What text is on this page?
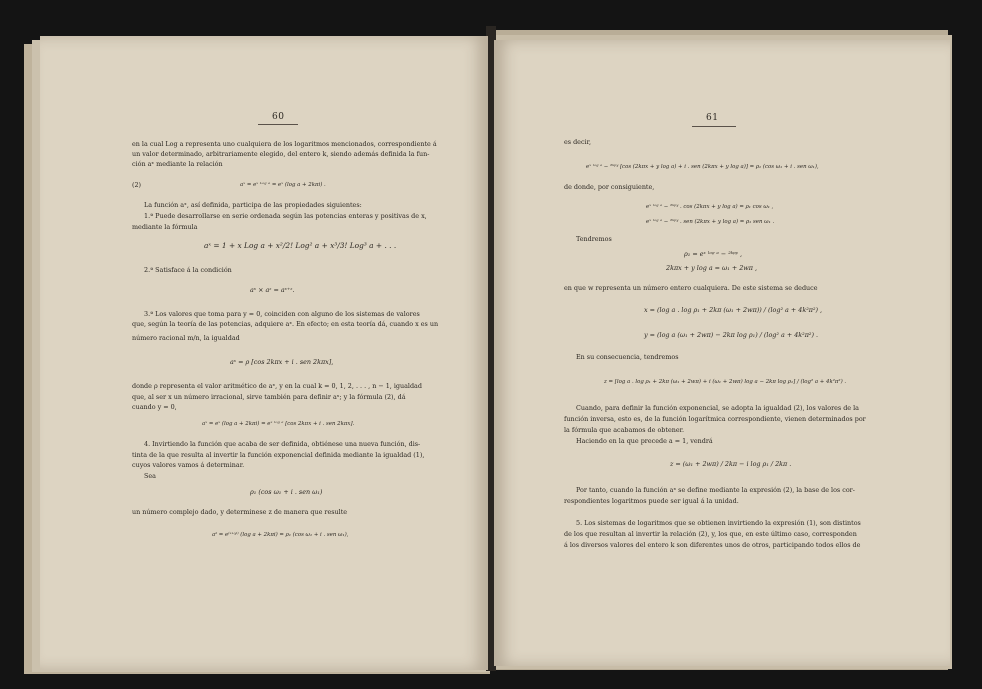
60
en la cual Log a representa uno cualquiera de los logaritmos mencionados, correspondiente á
un valor determinado, arbitrariamente elegido, del entero k, siendo además definida la fun-
ción aˣ mediante la relación
(2)	aˣ = eˣ ᴸᵒᵍ ᵃ = eˣ (log a + 2kπi) .
La función aˣ, así definida, participa de las propiedades siguientes:
1.ª Puede desarrollarse en serie ordenada según las potencias enteras y positivas de x,
mediante la fórmula
aˣ = 1 + x Log a + x²/2! Log² a + x³/3! Log³ a + . . .
2.ª Satisface á la condición
aˣ × aᶻ = aˣ⁺ᶻ.
3.ª Los valores que toma para y = 0, coinciden con alguno de los sistemas de valores
que, según la teoría de las potencias, adquiere aˣ. En efecto; en esta teoría dá, cuando x es un
número racional m/n, la igualdad
aˣ = ρ [cos 2kπx + i . sen 2kπx],
donde ρ representa el valor aritmético de aˣ, y en la cual k = 0, 1, 2, . . . , n − 1, igualdad
que, al ser x un número irracional, sirve también para definir aˣ; y la fórmula (2), dá
cuando y = 0,
aˣ = eˣ (log a + 2kπi) = eˣ ˡᵒᵍ ᵃ [cos 2kπx + i . sen 2kπx].
4. Invirtiendo la función que acaba de ser definida, obtiénese una nueva función, dis-
tinta de la que resulta al invertir la función exponencial definida mediante la igualdad (1),
cuyos valores vamos á determinar.
Sea
ρ₁ (cos ω₁ + i . sen ω₁)
un número complejo dado, y determinese z de manera que resulte
aᶻ = e⁽ˣ⁺ʸⁱ⁾ (log a + 2kπi) = ρ₁ (cos ω₁ + i . sen ω₁),
61
es decir,
eˣ ˡᵒᵍ ᵃ − ²ᵏᵖʸ [cos (2kπx + y log a) + i . sen (2kπx + y log a)] = ρ₁ (cos ω₁ + i . sen ω₁),
de donde, por consiguiente,
eˣ ˡᵒᵍ ᵃ − ²ᵏᵖʸ . cos (2kπx + y log a) = ρ₁ cos ω₁ ,
eˣ ˡᵒᵍ ᵃ − ²ᵏᵖʸ . sen (2kπx + y log a) = ρ₁ sen ω₁ .
Tendremos
ρ₁ = eˣ ˡᵒᵍ ᵃ − ²ᵏᵖʸ ,
2kπx + y log a = ω₁ + 2wπ ,
en que w representa un número entero cualquiera. De este sistema se deduce
x = (log a . log ρ₁ + 2kπ (ω₁ + 2wπ)) / (log² a + 4k²π²) ,
y = (log a (ω₁ + 2wπ) − 2kπ log ρ₁) / (log² a + 4k²π²) .
En su consecuencia, tendremos
z = [log a . log ρ₁ + 2kπ (ω₁ + 2wπ) + i (ω₁ + 2wπ) log a − 2kπ log ρ₁] / (log² a + 4k²π²) .
Cuando, para definir la función exponencial, se adopta la igualdad (2), los valores de la
función inversa, esto es, de la función logarítmica correspondiente, vienen determinados por
la fórmula que acabamos de obtener.
Haciendo en la que precede a = 1, vendrá
z = (ω₁ + 2wπ) / 2kπ − i log ρ₁ / 2kπ .
Por tanto, cuando la función aˣ se define mediante la expresión (2), la base de los cor-
respondientes logaritmos puede ser igual á la unidad.
5. Los sistemas de logaritmos que se obtienen invirtiendo la expresión (1), son distintos
de los que resultan al invertir la relación (2), y, los que, en este último caso, corresponden
á los diversos valores del entero k son diferentes unos de otros, participando todos ellos de
